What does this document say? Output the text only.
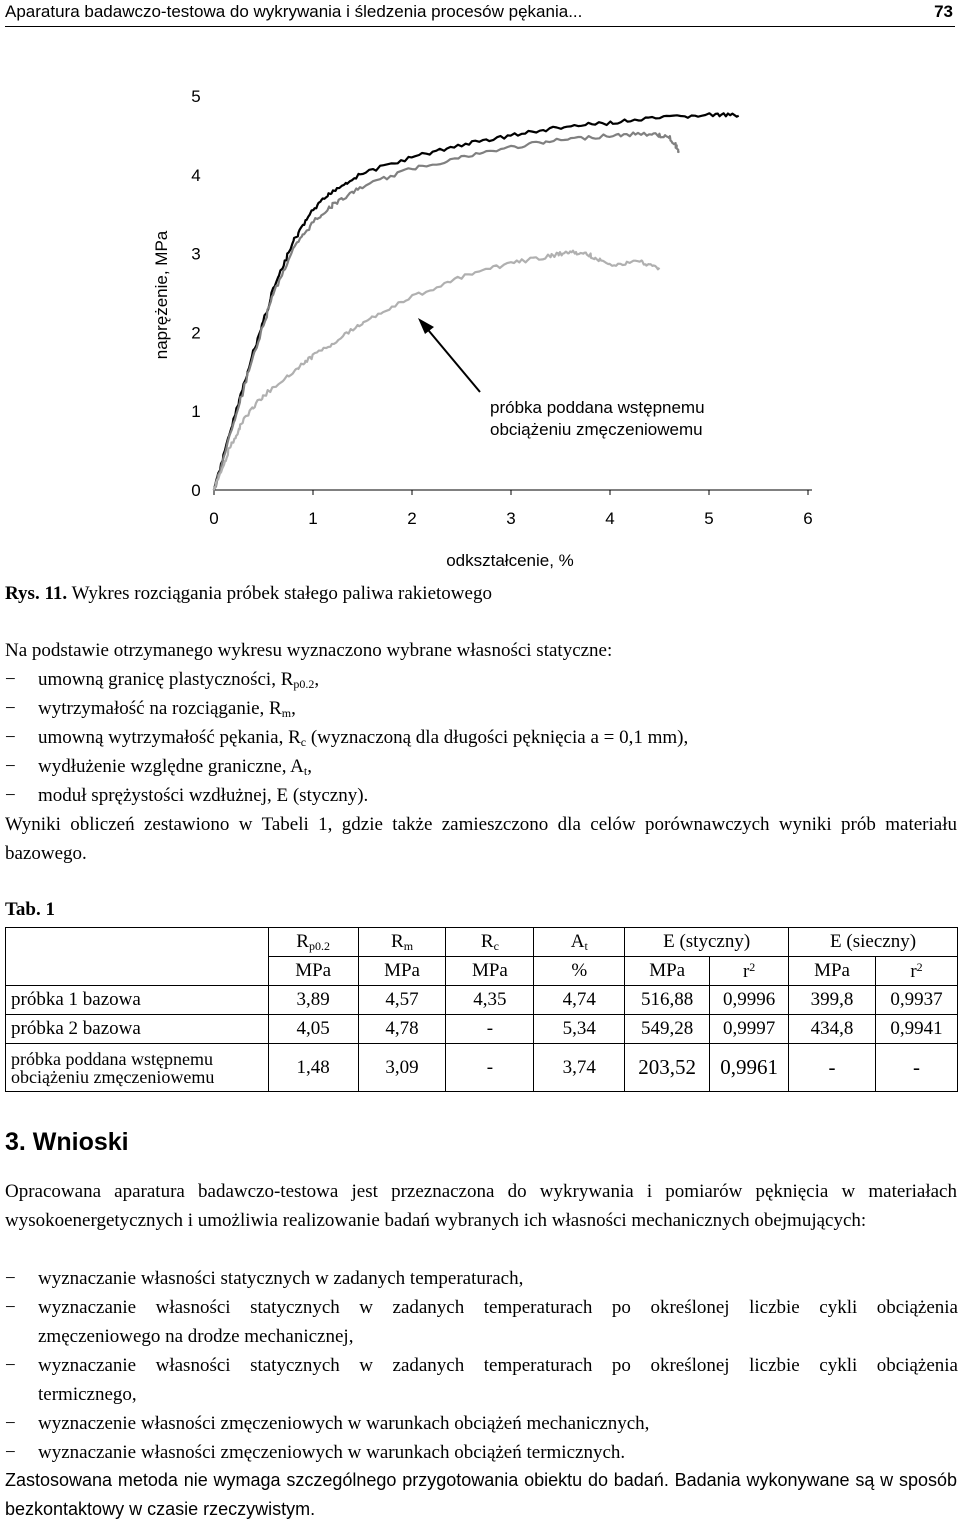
Aparatura badawczo-testowa do wykrywania i śledzenia procesów pękania...	73
naprężenie, MPa
odkształcenie, %
0	1	2	3	4	5	6
0
1
2
3
4
5
próbka poddana wstępnemu
obciążeniu zmęczeniowemu
Rys. 11. Wykres rozciągania próbek stałego paliwa rakietowego
Na podstawie otrzymanego wykresu wyznaczono wybrane własności statyczne:
− umowną granicę plastyczności, $R_{p0.2}$,
− wytrzymałość na rozciąganie, $R_m$,
− umowną wytrzymałość pękania, $R_c$ (wyznaczoną dla długości pęknięcia a = 0,1 mm),
− wydłużenie względne graniczne, $A_t$,
− moduł sprężystości wzdłużnej, E (styczny).
Wyniki obliczeń zestawiono w Tabeli 1, gdzie także zamieszczono dla celów porównawczych wyniki prób materiału bazowego.
Tab. 1
	$R_{p0.2}$	$R_m$	$R_c$	$A_t$	E (styczny)		E (sieczny)	
	MPa	MPa	MPa	%	MPa	$r^2$	MPa	$r^2$
próbka 1 bazowa	3,89	4,57	4,35	4,74	516,88	0,9996	399,8	0,9937
próbka 2 bazowa	4,05	4,78	-	5,34	549,28	0,9997	434,8	0,9941

próbka poddana wstępnemu
obciążeniu zmęczeniowemu	1,48	3,09	-	3,74	203,52	0,9961	-	-
3. Wnioski
Opracowana aparatura badawczo-testowa jest przeznaczona do wykrywania i pomiarów pęknięcia w materiałach wysokoenergetycznych i umożliwia realizowanie badań wybranych ich własności mechanicznych obejmujących:
− wyznaczanie własności statycznych w zadanych temperaturach,
− wyznaczanie własności statycznych w zadanych temperaturach po określonej liczbie cykli obciążenia
zmęczeniowego na drodze mechanicznej,
− wyznaczanie własności statycznych w zadanych temperaturach po określonej liczbie cykli obciążenia
termicznego,
− wyznaczenie własności zmęczeniowych w warunkach obciążeń mechanicznych,
− wyznaczanie własności zmęczeniowych w warunkach obciążeń termicznych.
Zastosowana metoda nie wymaga szczególnego przygotowania obiektu do badań. Badania wykonywane są w sposób bezkontaktowy w czasie rzeczywistym.
